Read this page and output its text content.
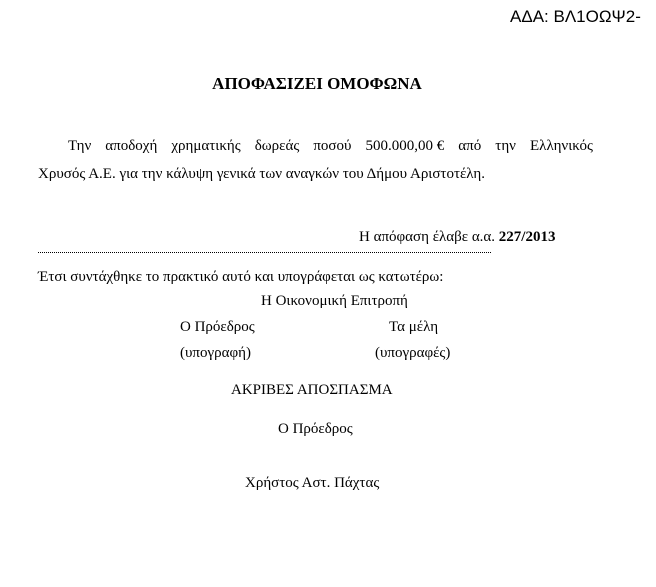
ΑΔΑ: ΒΛ1ΟΩΨ2-
ΑΠΟΦΑΣΙΖΕΙ ΟΜΟΦΩΝΑ
Την αποδοχή χρηματικής δωρεάς ποσού 500.000,00 € από την Ελληνικός
Χρυσός Α.Ε. για την κάλυψη γενικά των αναγκών του Δήμου Αριστοτέλη.
Η απόφαση έλαβε α.α. 227/2013
Έτσι συντάχθηκε το πρακτικό αυτό και υπογράφεται ως κατωτέρω:
Η Οικονομική Επιτροπή
Ο Πρόεδρος	Τα μέλη
(υπογραφή)	(υπογραφές)
ΑΚΡΙΒΕΣ ΑΠΟΣΠΑΣΜΑ
Ο Πρόεδρος
Χρήστος Αστ. Πάχτας
